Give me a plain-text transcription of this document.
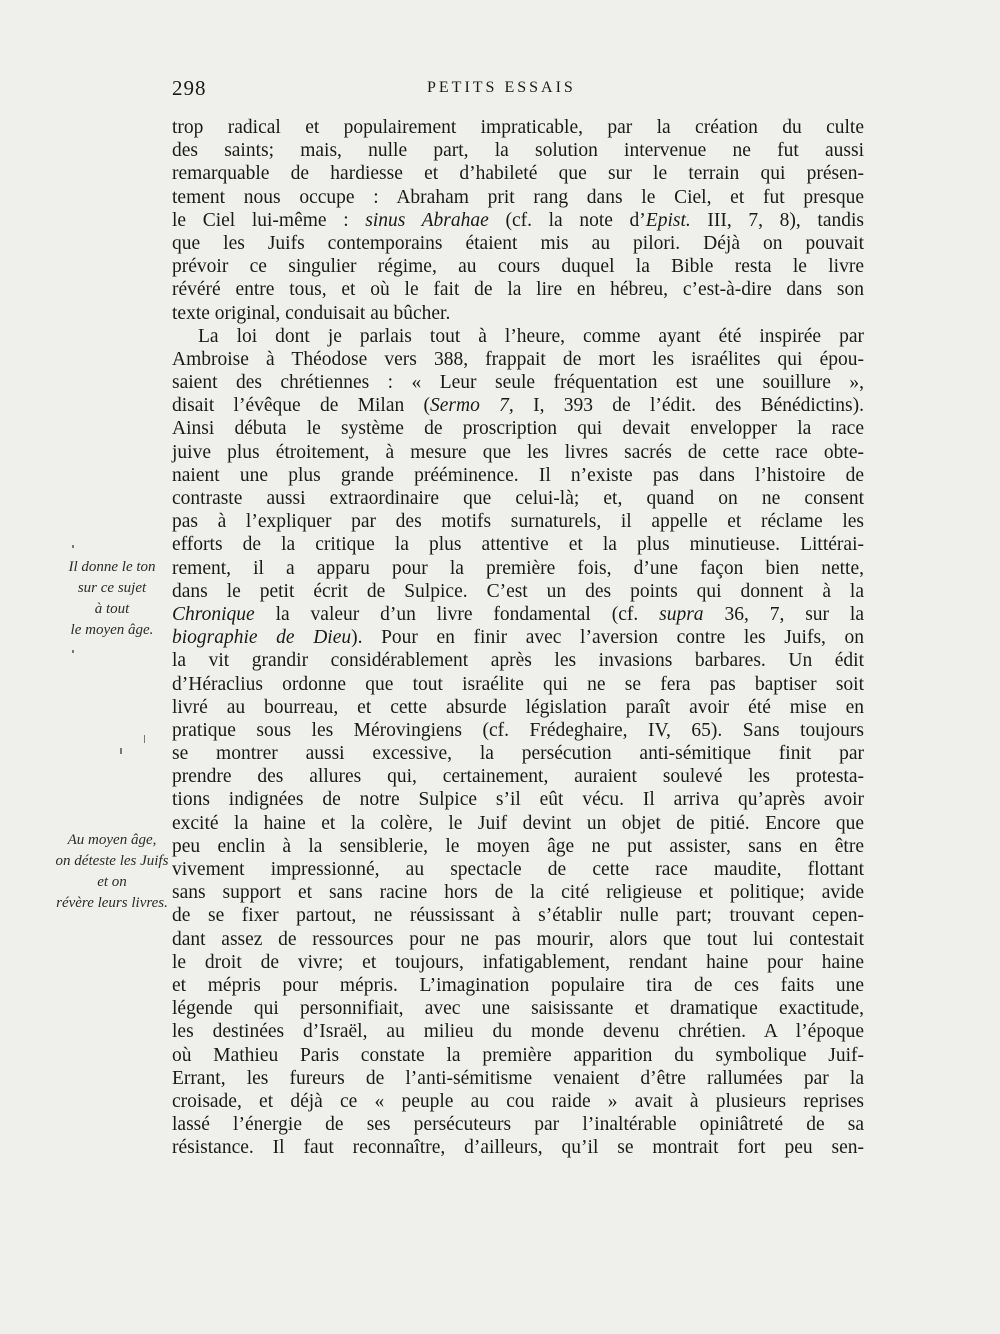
298	PETITS ESSAIS
Il donne le ton
sur ce sujet
à tout
le moyen âge.
Au moyen âge,
on déteste les Juifs
et on
révère leurs livres.
trop radical et populairement impraticable, par la création du culte
des saints; mais, nulle part, la solution intervenue ne fut aussi
remarquable de hardiesse et d’habileté que sur le terrain qui présen-
tement nous occupe : Abraham prit rang dans le Ciel, et fut presque
le Ciel lui-même : sinus Abrahae (cf. la note d’Epist. III, 7, 8), tandis
que les Juifs contemporains étaient mis au pilori. Déjà on pouvait
prévoir ce singulier régime, au cours duquel la Bible resta le livre
révéré entre tous, et où le fait de la lire en hébreu, c’est-à-dire dans son
texte original, conduisait au bûcher.
La loi dont je parlais tout à l’heure, comme ayant été inspirée par
Ambroise à Théodose vers 388, frappait de mort les israélites qui épou-
saient des chrétiennes : « Leur seule fréquentation est une souillure »,
disait l’évêque de Milan (Sermo 7, I, 393 de l’édit. des Bénédictins).
Ainsi débuta le système de proscription qui devait envelopper la race
juive plus étroitement, à mesure que les livres sacrés de cette race obte-
naient une plus grande prééminence. Il n’existe pas dans l’histoire de
contraste aussi extraordinaire que celui-là; et, quand on ne consent
pas à l’expliquer par des motifs surnaturels, il appelle et réclame les
efforts de la critique la plus attentive et la plus minutieuse. Littérai-
rement, il a apparu pour la première fois, d’une façon bien nette,
dans le petit écrit de Sulpice. C’est un des points qui donnent à la
Chronique la valeur d’un livre fondamental (cf. supra 36, 7, sur la
biographie de Dieu). Pour en finir avec l’aversion contre les Juifs, on
la vit grandir considérablement après les invasions barbares. Un édit
d’Héraclius ordonne que tout israélite qui ne se fera pas baptiser soit
livré au bourreau, et cette absurde législation paraît avoir été mise en
pratique sous les Mérovingiens (cf. Frédeghaire, IV, 65). Sans toujours
se montrer aussi excessive, la persécution anti-sémitique finit par
prendre des allures qui, certainement, auraient soulevé les protesta-
tions indignées de notre Sulpice s’il eût vécu. Il arriva qu’après avoir
excité la haine et la colère, le Juif devint un objet de pitié. Encore que
peu enclin à la sensiblerie, le moyen âge ne put assister, sans en être
vivement impressionné, au spectacle de cette race maudite, flottant
sans support et sans racine hors de la cité religieuse et politique; avide
de se fixer partout, ne réussissant à s’établir nulle part; trouvant cepen-
dant assez de ressources pour ne pas mourir, alors que tout lui contestait
le droit de vivre; et toujours, infatigablement, rendant haine pour haine
et mépris pour mépris. L’imagination populaire tira de ces faits une
légende qui personnifiait, avec une saisissante et dramatique exactitude,
les destinées d’Israël, au milieu du monde devenu chrétien. A l’époque
où Mathieu Paris constate la première apparition du symbolique Juif-
Errant, les fureurs de l’anti-sémitisme venaient d’être rallumées par la
croisade, et déjà ce « peuple au cou raide » avait à plusieurs reprises
lassé l’énergie de ses persécuteurs par l’inaltérable opiniâtreté de sa
résistance. Il faut reconnaître, d’ailleurs, qu’il se montrait fort peu sen-
